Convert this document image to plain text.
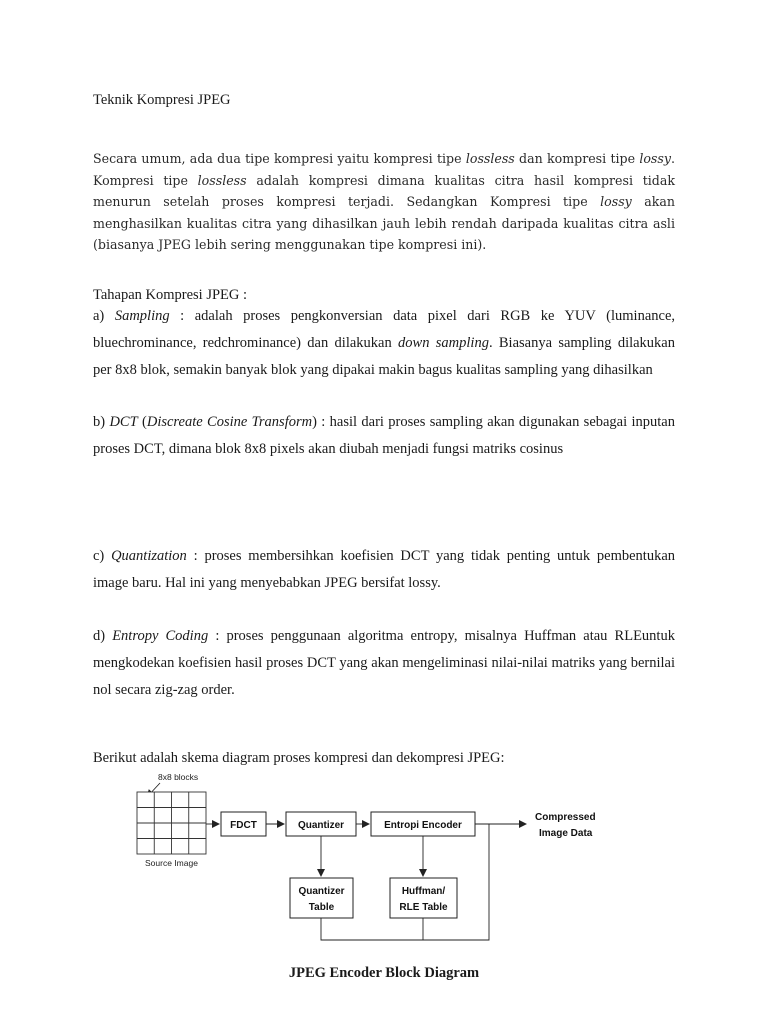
Teknik Kompresi JPEG
Secara umum, ada dua tipe kompresi yaitu kompresi tipe lossless dan kompresi tipe lossy. Kompresi tipe lossless adalah kompresi dimana kualitas citra hasil kompresi tidak menurun setelah proses kompresi terjadi. Sedangkan Kompresi tipe lossy akan menghasilkan kualitas citra yang dihasilkan jauh lebih rendah daripada kualitas citra asli (biasanya JPEG lebih sering menggunakan tipe kompresi ini).
Tahapan Kompresi JPEG :
a) Sampling : adalah proses pengkonversian data pixel dari RGB ke YUV (luminance, bluechrominance, redchrominance) dan dilakukan down sampling. Biasanya sampling dilakukan per 8x8 blok, semakin banyak blok yang dipakai makin bagus kualitas sampling yang dihasilkan
b) DCT (Discreate Cosine Transform) : hasil dari proses sampling akan digunakan sebagai inputan proses DCT, dimana blok 8x8 pixels akan diubah menjadi fungsi matriks cosinus
c) Quantization : proses membersihkan koefisien DCT yang tidak penting untuk pembentukan image baru. Hal ini yang menyebabkan JPEG bersifat lossy.
d) Entropy Coding : proses penggunaan algoritma entropy, misalnya Huffman atau RLEuntuk mengkodekan koefisien hasil proses DCT yang akan mengeliminasi nilai-nilai matriks yang bernilai nol secara zig-zag order.
Berikut adalah skema diagram proses kompresi dan dekompresi JPEG:
8x8 blocks
Source Image
FDCT	Quantizer	Entropi Encoder
Compressed
Image Data
Quantizer
Table
Huffman/
RLE Table
JPEG Encoder Block Diagram
